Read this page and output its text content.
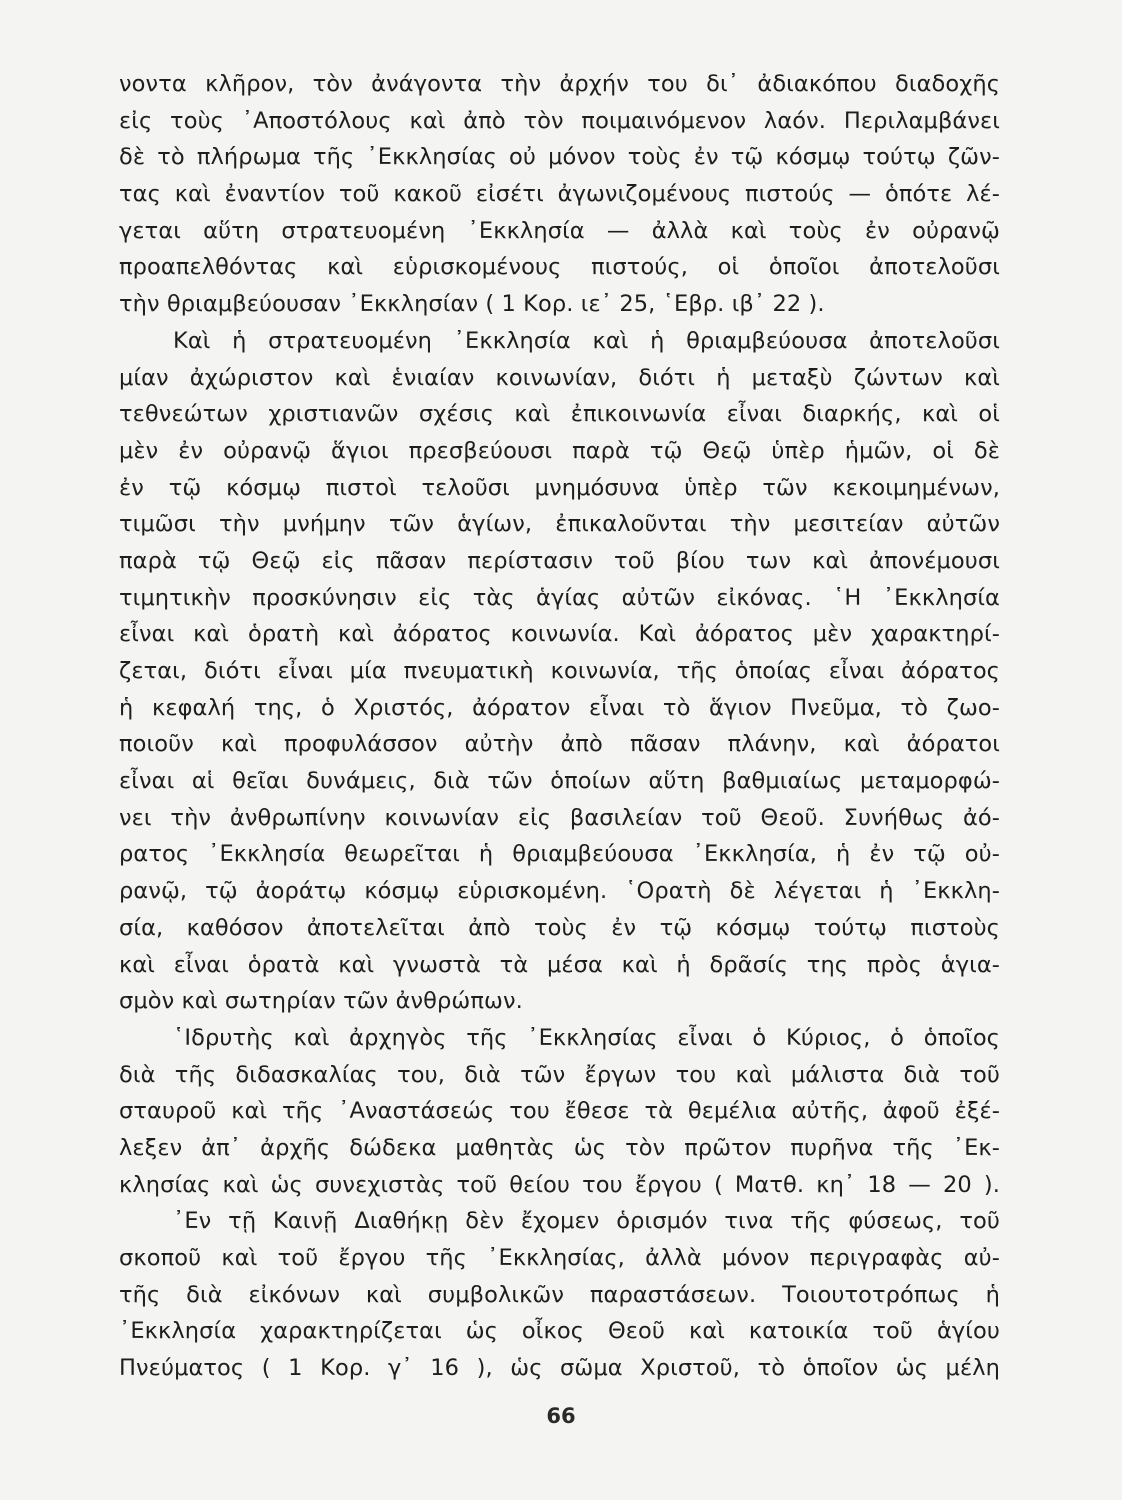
νοντα κλῆρον, τὸν ἀνάγοντα τὴν ἀρχήν του δι᾽ ἀδιακόπου διαδοχῆς
εἰς τοὺς ᾽Αποστόλους καὶ ἀπὸ τὸν ποιμαινόμενον λαόν. Περιλαμβάνει
δὲ τὸ πλήρωμα τῆς ᾽Εκκλησίας οὐ μόνον τοὺς ἐν τῷ κόσμῳ τούτῳ ζῶν-
τας καὶ ἐναντίον τοῦ κακοῦ εἰσέτι ἀγωνιζομένους πιστούς — ὁπότε λέ-
γεται αὕτη στρατευομένη ᾽Εκκλησία — ἀλλὰ καὶ τοὺς ἐν οὐρανῷ
προαπελθόντας καὶ εὑρισκομένους πιστούς, οἱ ὁποῖοι ἀποτελοῦσι
τὴν θριαμβεύουσαν ᾽Εκκλησίαν ( 1 Κορ. ιε᾽ 25, ῾Εβρ. ιβ᾽ 22 ).
Καὶ ἡ στρατευομένη ᾽Εκκλησία καὶ ἡ θριαμβεύουσα ἀποτελοῦσι
μίαν ἀχώριστον καὶ ἑνιαίαν κοινωνίαν, διότι ἡ μεταξὺ ζώντων καὶ
τεθνεώτων χριστιανῶν σχέσις καὶ ἐπικοινωνία εἶναι διαρκής, καὶ οἱ
μὲν ἐν οὐρανῷ ἅγιοι πρεσβεύουσι παρὰ τῷ Θεῷ ὑπὲρ ἡμῶν, οἱ δὲ
ἐν τῷ κόσμῳ πιστοὶ τελοῦσι μνημόσυνα ὑπὲρ τῶν κεκοιμημένων,
τιμῶσι τὴν μνήμην τῶν ἁγίων, ἐπικαλοῦνται τὴν μεσιτείαν αὐτῶν
παρὰ τῷ Θεῷ εἰς πᾶσαν περίστασιν τοῦ βίου των καὶ ἀπονέμουσι
τιμητικὴν προσκύνησιν εἰς τὰς ἁγίας αὐτῶν εἰκόνας. ῾Η ᾽Εκκλησία
εἶναι καὶ ὁρατὴ καὶ ἀόρατος κοινωνία. Καὶ ἀόρατος μὲν χαρακτηρί-
ζεται, διότι εἶναι μία πνευματικὴ κοινωνία, τῆς ὁποίας εἶναι ἀόρατος
ἡ κεφαλή της, ὁ Χριστός, ἀόρατον εἶναι τὸ ἅγιον Πνεῦμα, τὸ ζωο-
ποιοῦν καὶ προφυλάσσον αὐτὴν ἀπὸ πᾶσαν πλάνην, καὶ ἀόρατοι
εἶναι αἱ θεῖαι δυνάμεις, διὰ τῶν ὁποίων αὕτη βαθμιαίως μεταμορφώ-
νει τὴν ἀνθρωπίνην κοινωνίαν εἰς βασιλείαν τοῦ Θεοῦ. Συνήθως ἀό-
ρατος ᾽Εκκλησία θεωρεῖται ἡ θριαμβεύουσα ᾽Εκκλησία, ἡ ἐν τῷ οὐ-
ρανῷ, τῷ ἀοράτῳ κόσμῳ εὑρισκομένη. ῾Ορατὴ δὲ λέγεται ἡ ᾽Εκκλη-
σία, καθόσον ἀποτελεῖται ἀπὸ τοὺς ἐν τῷ κόσμῳ τούτῳ πιστοὺς
καὶ εἶναι ὁρατὰ καὶ γνωστὰ τὰ μέσα καὶ ἡ δρᾶσίς της πρὸς ἁγια-
σμὸν καὶ σωτηρίαν τῶν ἀνθρώπων.
῾Ιδρυτὴς καὶ ἀρχηγὸς τῆς ᾽Εκκλησίας εἶναι ὁ Κύριος, ὁ ὁποῖος
διὰ τῆς διδασκαλίας του, διὰ τῶν ἔργων του καὶ μάλιστα διὰ τοῦ
σταυροῦ καὶ τῆς ᾽Αναστάσεώς του ἔθεσε τὰ θεμέλια αὐτῆς, ἀφοῦ ἐξέ-
λεξεν ἀπ᾽ ἀρχῆς δώδεκα μαθητὰς ὡς τὸν πρῶτον πυρῆνα τῆς ᾽Εκ-
κλησίας καὶ ὡς συνεχιστὰς τοῦ θείου του ἔργου ( Ματθ. κη᾽ 18 — 20 ).
᾽Εν τῇ Καινῇ Διαθήκῃ δὲν ἔχομεν ὁρισμόν τινα τῆς φύσεως, τοῦ
σκοποῦ καὶ τοῦ ἔργου τῆς ᾽Εκκλησίας, ἀλλὰ μόνον περιγραφὰς αὐ-
τῆς διὰ εἰκόνων καὶ συμβολικῶν παραστάσεων. Τοιουτοτρόπως ἡ
᾽Εκκλησία χαρακτηρίζεται ὡς οἶκος Θεοῦ καὶ κατοικία τοῦ ἁγίου
Πνεύματος ( 1 Κορ. γ᾽ 16 ), ὡς σῶμα Χριστοῦ, τὸ ὁποῖον ὡς μέλη
66
